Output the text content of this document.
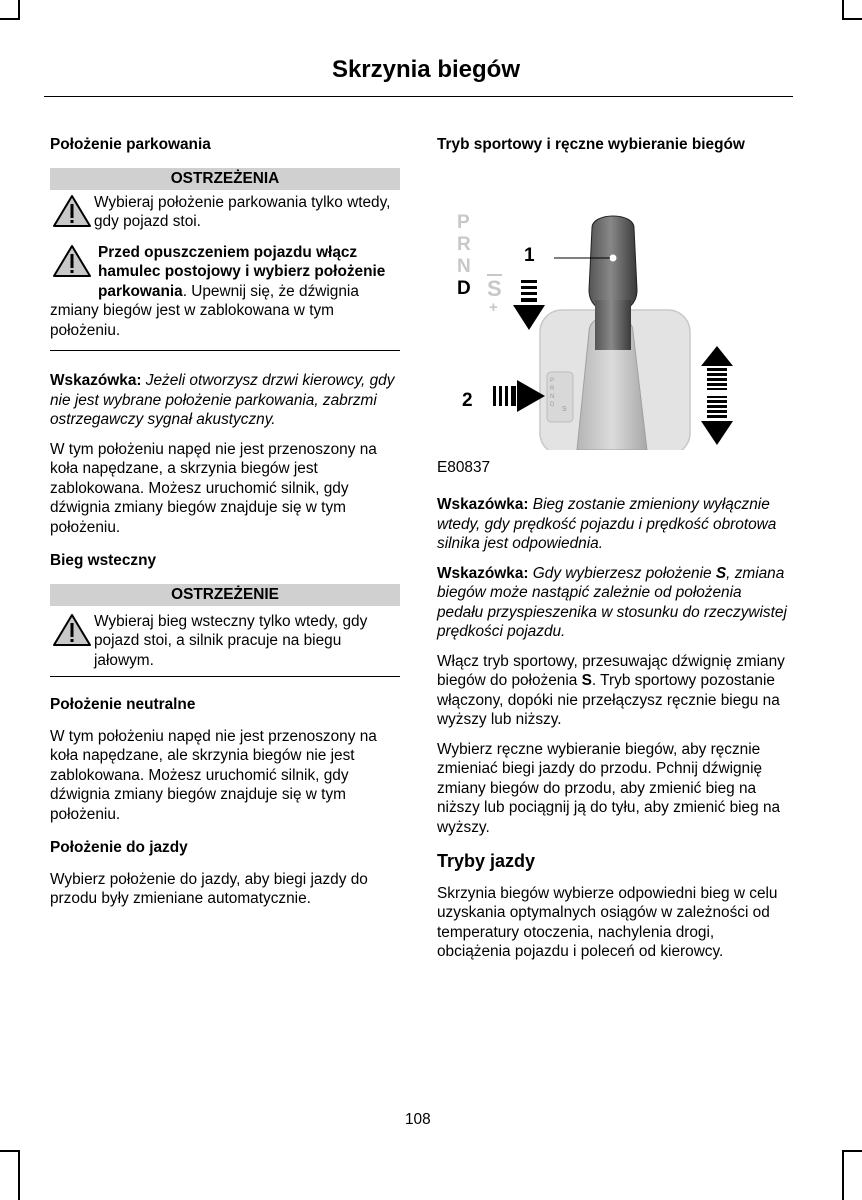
Skrzynia biegów

Położenie parkowania

OSTRZEŻENIA

Wybieraj położenie parkowania tylko wtedy, gdy pojazd stoi.

Przed opuszczeniem pojazdu włącz hamulec postojowy i wybierz położenie parkowania. Upewnij się, że dźwignia zmiany biegów jest w zablokowana w tym położeniu.

Wskazówka: Jeżeli otworzysz drzwi kierowcy, gdy nie jest wybrane położenie parkowania, zabrzmi ostrzegawczy sygnał akustyczny.

W tym położeniu napęd nie jest przenoszony na koła napędzane, a skrzynia biegów jest zablokowana. Możesz uruchomić silnik, gdy dźwignia zmiany biegów znajduje się w tym położeniu.

Bieg wsteczny

OSTRZEŻENIE

Wybieraj bieg wsteczny tylko wtedy, gdy pojazd stoi, a silnik pracuje na biegu jałowym.

Położenie neutralne

W tym położeniu napęd nie jest przenoszony na koła napędzane, ale skrzynia biegów nie jest zablokowana. Możesz uruchomić silnik, gdy dźwignia zmiany biegów znajduje się w tym położeniu.

Położenie do jazdy

Wybierz położenie do jazdy, aby biegi jazdy do przodu były zmieniane automatycznie.

Tryb sportowy i ręczne wybieranie biegów

P
R
N
D S
+
1
2
P R N D
S

E80837

Wskazówka: Bieg zostanie zmieniony wyłącznie wtedy, gdy prędkość pojazdu i prędkość obrotowa silnika jest odpowiednia.

Wskazówka: Gdy wybierzesz położenie S, zmiana biegów może nastąpić zależnie od położenia pedału przyspieszenika w stosunku do rzeczywistej prędkości pojazdu.

Włącz tryb sportowy, przesuwając dźwignię zmiany biegów do położenia S. Tryb sportowy pozostanie włączony, dopóki nie przełączysz ręcznie biegu na wyższy lub niższy.

Wybierz ręczne wybieranie biegów, aby ręcznie zmieniać biegi jazdy do przodu. Pchnij dźwignię zmiany biegów do przodu, aby zmienić bieg na niższy lub pociągnij ją do tyłu, aby zmienić bieg na wyższy.

Tryby jazdy

Skrzynia biegów wybierze odpowiedni bieg w celu uzyskania optymalnych osiągów w zależności od temperatury otoczenia, nachylenia drogi, obciążenia pojazdu i poleceń od kierowcy.

108
